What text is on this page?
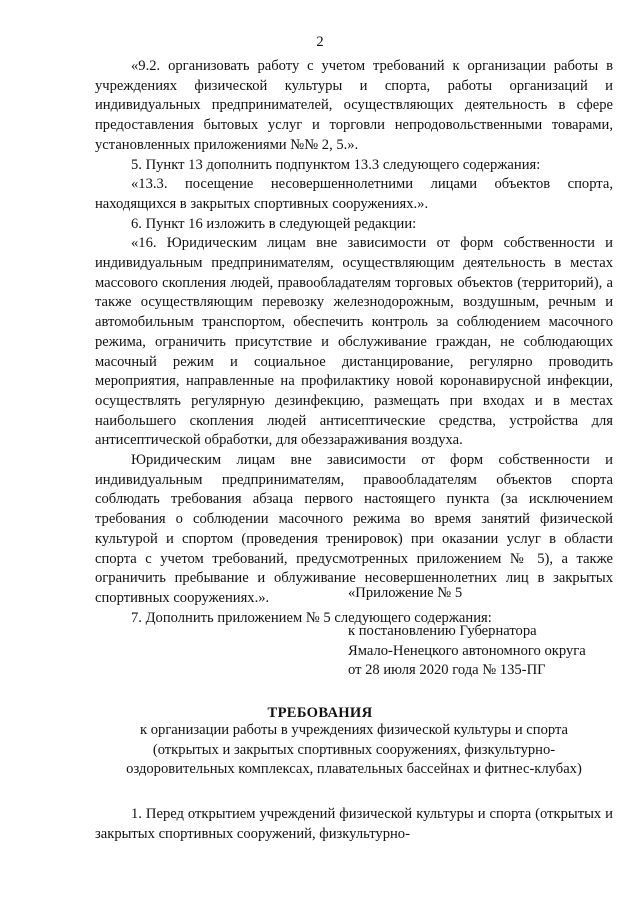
2

«9.2. организовать работу с учетом требований к организации работы в учреждениях физической культуры и спорта, работы организаций и индивидуальных предпринимателей, осуществляющих деятельность в сфере предоставления бытовых услуг и торговли непродовольственными товарами, установленных приложениями №№ 2, 5.».

5. Пункт 13 дополнить подпунктом 13.3 следующего содержания:

«13.3. посещение несовершеннолетними лицами объектов спорта, находящихся в закрытых спортивных сооружениях.».

6. Пункт 16 изложить в следующей редакции:

«16. Юридическим лицам вне зависимости от форм собственности и индивидуальным предпринимателям, осуществляющим деятельность в местах массового скопления людей, правообладателям торговых объектов (территорий), а также осуществляющим перевозку железнодорожным, воздушным, речным и автомобильным транспортом, обеспечить контроль за соблюдением масочного режима, ограничить присутствие и обслуживание граждан, не соблюдающих масочный режим и социальное дистанцирование, регулярно проводить мероприятия, направленные на профилактику новой коронавирусной инфекции, осуществлять регулярную дезинфекцию, размещать при входах и в местах наибольшего скопления людей антисептические средства, устройства для антисептической обработки, для обеззараживания воздуха.

Юридическим лицам вне зависимости от форм собственности и индивидуальным предпринимателям, правообладателям объектов спорта соблюдать требования абзаца первого настоящего пункта (за исключением требования о соблюдении масочного режима во время занятий физической культурой и спортом (проведения тренировок) при оказании услуг в области спорта с учетом требований, предусмотренных приложением № 5), а также ограничить пребывание и облуживание несовершеннолетних лиц в закрытых спортивных сооружениях.».

7. Дополнить приложением № 5 следующего содержания:

«Приложение № 5
к постановлению Губернатора
Ямало-Ненецкого автономного округа
от 28 июля 2020 года № 135-ПГ
ТРЕБОВАНИЯ
к организации работы в учреждениях физической культуры и спорта
(открытых и закрытых спортивных сооружениях, физкультурно-
оздоровительных комплексах, плавательных бассейнах и фитнес-клубах)

1. Перед открытием учреждений физической культуры и спорта (открытых и закрытых спортивных сооружений, физкультурно-
